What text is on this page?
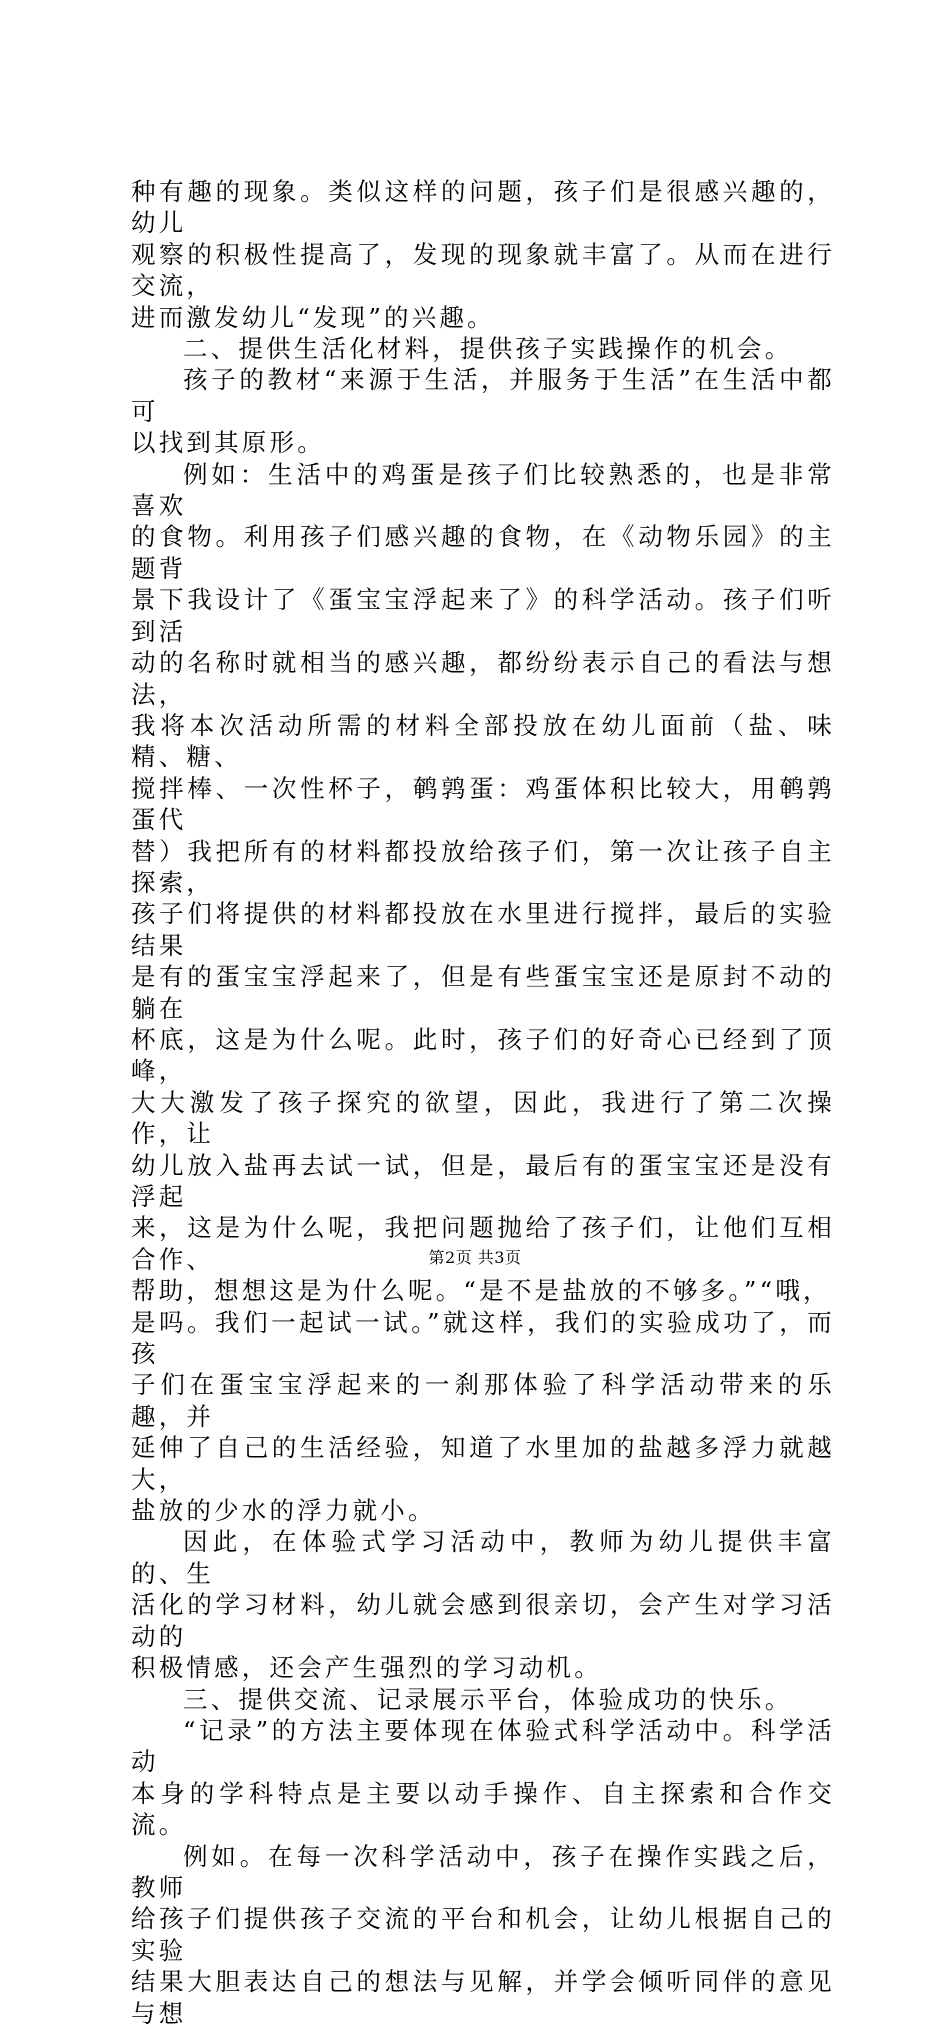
种有趣的现象。类似这样的问题，孩子们是很感兴趣的，幼儿
观察的积极性提高了，发现的现象就丰富了。从而在进行交流，
进而激发幼儿“发现”的兴趣。

二、提供生活化材料，提供孩子实践操作的机会。

孩子的教材“来源于生活，并服务于生活”在生活中都可
以找到其原形。

例如：生活中的鸡蛋是孩子们比较熟悉的，也是非常喜欢
的食物。利用孩子们感兴趣的食物，在《动物乐园》的主题背
景下我设计了《蛋宝宝浮起来了》的科学活动。孩子们听到活
动的名称时就相当的感兴趣，都纷纷表示自己的看法与想法，
我将本次活动所需的材料全部投放在幼儿面前（盐、味精、糖、
搅拌棒、一次性杯子，鹌鹑蛋：鸡蛋体积比较大，用鹌鹑蛋代
替）我把所有的材料都投放给孩子们，第一次让孩子自主探索，
孩子们将提供的材料都投放在水里进行搅拌，最后的实验结果
是有的蛋宝宝浮起来了，但是有些蛋宝宝还是原封不动的躺在
杯底，这是为什么呢。此时，孩子们的好奇心已经到了顶峰，
大大激发了孩子探究的欲望，因此，我进行了第二次操作，让
幼儿放入盐再去试一试，但是，最后有的蛋宝宝还是没有浮起
来，这是为什么呢，我把问题抛给了孩子们，让他们互相合作、
帮助，想想这是为什么呢。“是不是盐放的不够多。”“哦，
是吗。我们一起试一试。”就这样，我们的实验成功了，而孩
子们在蛋宝宝浮起来的一刹那体验了科学活动带来的乐趣，并
延伸了自己的生活经验，知道了水里加的盐越多浮力就越大，
盐放的少水的浮力就小。

因此，在体验式学习活动中，教师为幼儿提供丰富的、生
活化的学习材料，幼儿就会感到很亲切，会产生对学习活动的
积极情感，还会产生强烈的学习动机。

三、提供交流、记录展示平台，体验成功的快乐。

“记录”的方法主要体现在体验式科学活动中。科学活动
本身的学科特点是主要以动手操作、自主探索和合作交流。

例如。在每一次科学活动中，孩子在操作实践之后，教师
给孩子们提供孩子交流的平台和机会，让幼儿根据自己的实验
结果大胆表达自己的想法与见解，并学会倾听同伴的意见与想

第2页 共3页
